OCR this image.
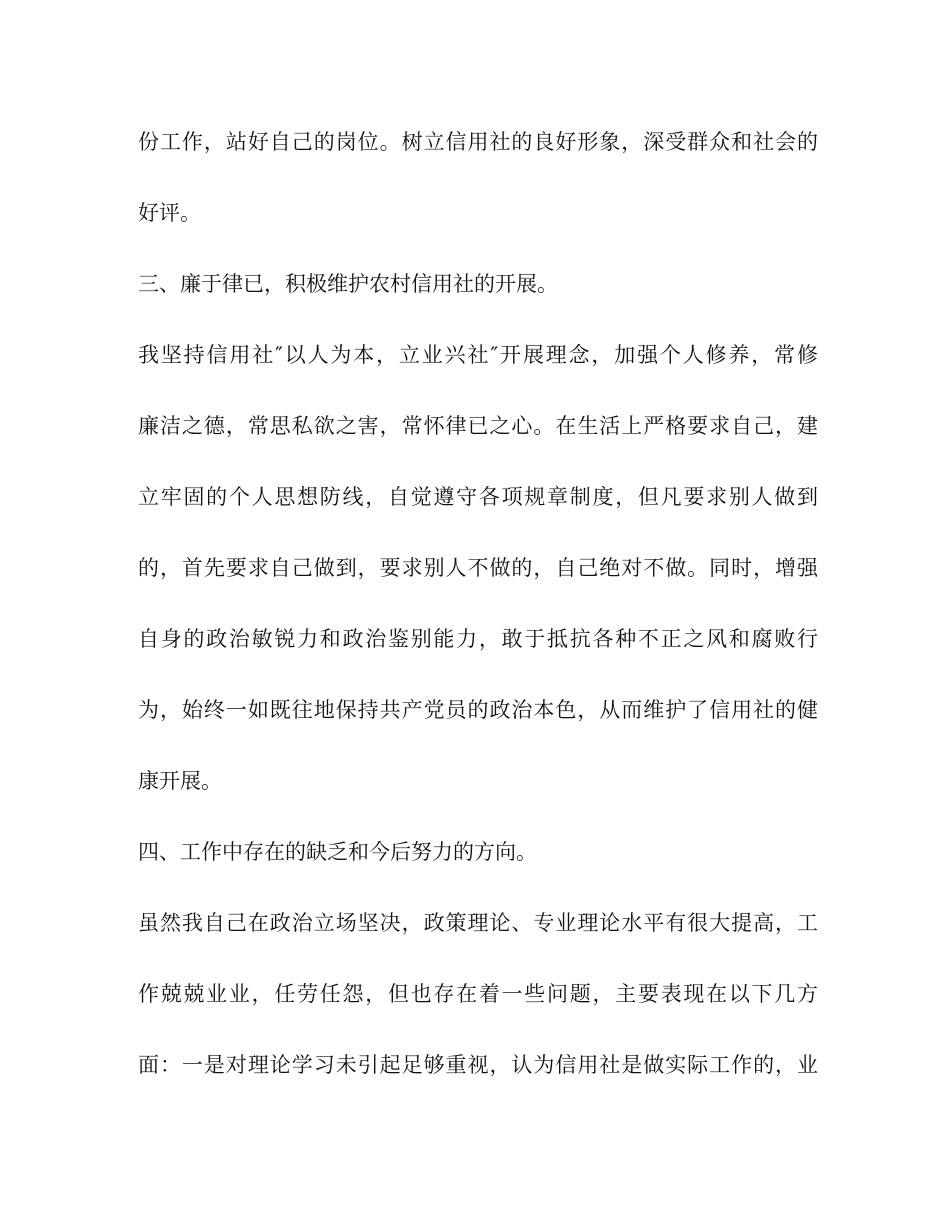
份工作，站好自己的岗位。树立信用社的良好形象，深受群众和社会的
好评。
三、廉于律已，积极维护农村信用社的开展。
我坚持信用社″以人为本，立业兴社″开展理念，加强个人修养，常修
廉洁之德，常思私欲之害，常怀律已之心。在生活上严格要求自己，建
立牢固的个人思想防线，自觉遵守各项规章制度，但凡要求别人做到
的，首先要求自己做到，要求别人不做的，自己绝对不做。同时，增强
自身的政治敏锐力和政治鉴别能力，敢于抵抗各种不正之风和腐败行
为，始终一如既往地保持共产党员的政治本色，从而维护了信用社的健
康开展。
四、工作中存在的缺乏和今后努力的方向。
虽然我自己在政治立场坚决，政策理论、专业理论水平有很大提高，工
作兢兢业业，任劳任怨，但也存在着一些问题，主要表现在以下几方
面：一是对理论学习未引起足够重视，认为信用社是做实际工作的，业
